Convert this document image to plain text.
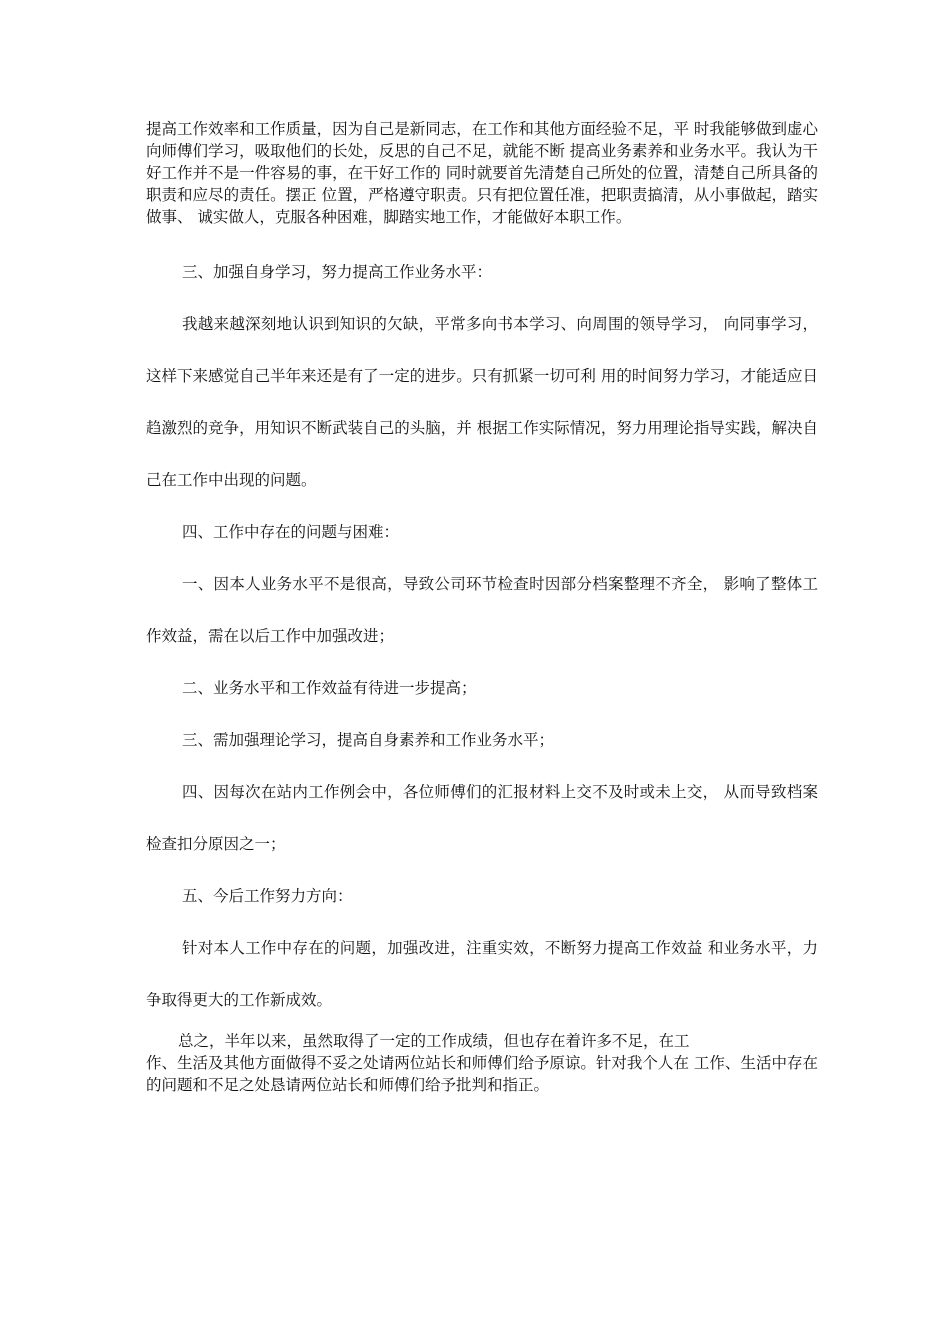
提高工作效率和工作质量，因为自己是新同志，在工作和其他方面经验不足，平 时我能够做到虚心向师傅们学习，吸取他们的长处，反思的自己不足，就能不断 提高业务素养和业务水平。我认为干好工作并不是一件容易的事，在干好工作的 同时就要首先清楚自己所处的位置，清楚自己所具备的职责和应尽的责任。摆正 位置，严格遵守职责。只有把位置任准，把职责搞清，从小事做起，踏实做事、 诚实做人，克服各种困难，脚踏实地工作，才能做好本职工作。

三、加强自身学习，努力提高工作业务水平：

我越来越深刻地认识到知识的欠缺，平常多向书本学习、向周围的领导学习， 向同事学习，这样下来感觉自己半年来还是有了一定的进步。只有抓紧一切可利 用的时间努力学习，才能适应日趋激烈的竞争，用知识不断武装自己的头脑，并 根据工作实际情况，努力用理论指导实践，解决自己在工作中出现的问题。

四、工作中存在的问题与困难：

一、因本人业务水平不是很高，导致公司环节检查时因部分档案整理不齐全， 影响了整体工作效益，需在以后工作中加强改进；

二、业务水平和工作效益有待进一步提高；

三、需加强理论学习，提高自身素养和工作业务水平；

四、因每次在站内工作例会中，各位师傅们的汇报材料上交不及时或未上交， 从而导致档案检查扣分原因之一；

五、今后工作努力方向：

针对本人工作中存在的问题，加强改进，注重实效，不断努力提高工作效益 和业务水平，力争取得更大的工作新成效。

总之，半年以来，虽然取得了一定的工作成绩，但也存在着许多不足，在工

作、生活及其他方面做得不妥之处请两位站长和师傅们给予原谅。针对我个人在 工作、生活中存在的问题和不足之处恳请两位站长和师傅们给予批判和指正。
